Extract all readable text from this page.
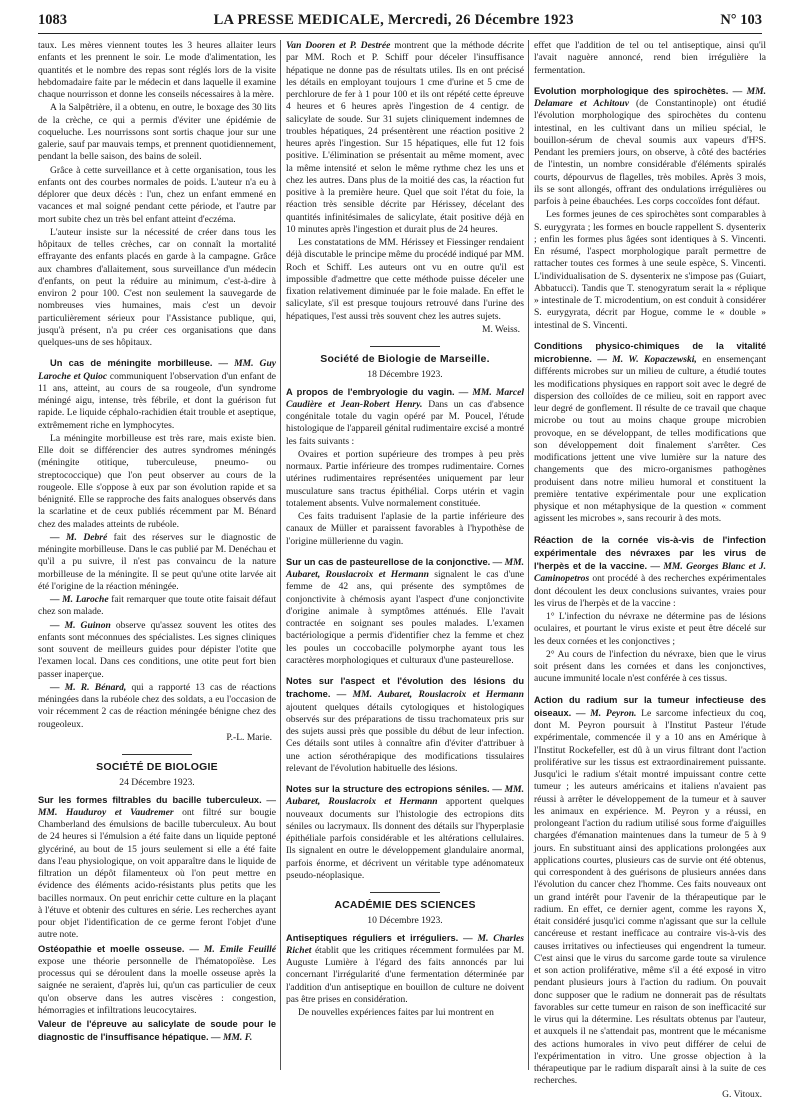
1083	LA PRESSE MEDICALE, Mercredi, 26 Décembre 1923	N° 103

taux. Les mères viennent toutes les 3 heures allaiter leurs enfants et les prennent le soir. Le mode d'alimentation, les quantités et le nombre des repas sont réglés lors de la visite hebdomadaire faite par le médecin et dans laquelle il examine chaque nourrisson et donne les conseils nécessaires à la mère.

A la Salpêtrière, il a obtenu, en outre, le boxage des 30 lits de la crèche, ce qui a permis d'éviter une épidémie de coqueluche. Les nourrissons sont sortis chaque jour sur une galerie, sauf par mauvais temps, et prennent quotidiennement, pendant la belle saison, des bains de soleil.

Grâce à cette surveillance et à cette organisation, tous les enfants ont des courbes normales de poids. L'auteur n'a eu à déplorer que deux décès : l'un, chez un enfant emmené en vacances et mal soigné pendant cette période, et l'autre par mort subite chez un très bel enfant atteint d'eczéma.

L'auteur insiste sur la nécessité de créer dans tous les hôpitaux de telles crèches, car on connaît la mortalité effrayante des enfants placés en garde à la campagne. Grâce aux chambres d'allaitement, sous surveillance d'un médecin d'enfants, on peut la réduire au minimum, c'est-à-dire à environ 2 pour 100. C'est non seulement la sauvegarde de nombreuses vies humaines, mais c'est un devoir particulièrement sérieux pour l'Assistance publique, qui, jusqu'à présent, n'a pu créer ces organisations que dans quelques-uns de ses hôpitaux.

Un cas de méningite morbilleuse. — MM. Guy Laroche et Quioc communiquent l'observation d'un enfant de 11 ans, atteint, au cours de sa rougeole, d'un syndrome méningé aigu, intense, très fébrile, et dont la guérison fut rapide. Le liquide céphalo-rachidien était trouble et aseptique, extrêmement riche en lymphocytes.

La méningite morbilleuse est très rare, mais existe bien. Elle doit se différencier des autres syndromes méningés (méningite otitique, tuberculeuse, pneumo- ou streptococcique) que l'on peut observer au cours de la rougeole. Elle s'oppose à eux par son évolution rapide et sa bénignité. Elle se rapproche des faits analogues observés dans la scarlatine et de ceux publiés récemment par M. Bénard chez des malades atteints de rubéole.

— M. Debré fait des réserves sur le diagnostic de méningite morbilleuse. Dans le cas publié par M. Denéchau et qu'il a pu suivre, il n'est pas convaincu de la nature morbilleuse de la méningite. Il se peut qu'une otite larvée ait été l'origine de la réaction méningée.

— M. Laroche fait remarquer que toute otite faisait défaut chez son malade.

— M. Guinon observe qu'assez souvent les otites des enfants sont méconnues des spécialistes. Les signes cliniques sont souvent de meilleurs guides pour dépister l'otite que l'examen local. Dans ces conditions, une otite peut fort bien passer inaperçue.

— M. R. Bénard, qui a rapporté 13 cas de réactions méningées dans la rubéole chez des soldats, a eu l'occasion de voir récemment 2 cas de réaction méningée bénigne chez des rougeoleux.

P.-L. Marie.

SOCIÉTÉ DE BIOLOGIE
24 Décembre 1923.

Sur les formes filtrables du bacille tuberculeux. — MM. Hauduroy et Vaudremer ont filtré sur bougie Chamberland des émulsions de bacille tuberculeux. Au bout de 24 heures si l'émulsion a été faite dans un liquide peptoné glycériné, au bout de 15 jours seulement si elle a été faite dans l'eau physiologique, on voit apparaître dans le liquide de filtration un dépôt filamenteux où l'on peut mettre en évidence des éléments acido-résistants plus petits que les bacilles normaux. On peut enrichir cette culture en la plaçant à l'étuve et obtenir des cultures en série. Les recherches ayant pour objet l'identification de ce germe feront l'objet d'une autre note.

Ostéopathie et moelle osseuse. — M. Emile Feuillé expose une théorie personnelle de l'hématopoïèse. Les processus qui se déroulent dans la moelle osseuse après la saignée ne seraient, d'après lui, qu'un cas particulier de ceux qu'on observe dans les autres viscères : congestion, hémorragies et infiltrations leucocytaires.

Valeur de l'épreuve au salicylate de soude pour le diagnostic de l'insuffisance hépatique. — MM. F.

Van Dooren et P. Destrée montrent que la méthode décrite par MM. Roch et P. Schiff pour déceler l'insuffisance hépatique ne donne pas de résultats utiles. Ils en ont précisé les détails en employant toujours 1 cme d'urine et 5 cme de perchlorure de fer à 1 pour 100 et ils ont répété cette épreuve 4 heures et 6 heures après l'ingestion de 4 centigr. de salicylate de soude. Sur 31 sujets cliniquement indemnes de troubles hépatiques, 24 présentèrent une réaction positive 2 heures après l'ingestion. Sur 15 hépatiques, elle fut 12 fois positive. L'élimination se présentait au même moment, avec la même intensité et selon le même rythme chez les uns et chez les autres. Dans plus de la moitié des cas, la réaction fut positive à la première heure. Quel que soit l'état du foie, la réaction très sensible décrite par Hérissey, décelant des quantités infinitésimales de salicylate, était positive déjà en 10 minutes après l'ingestion et durait plus de 24 heures.

Les constatations de MM. Hérissey et Fiessinger rendaient déjà discutable le principe même du procédé indiqué par MM. Roch et Schiff. Les auteurs ont vu en outre qu'il est impossible d'admettre que cette méthode puisse déceler une fixation relativement diminuée par le foie malade. En effet le salicylate, s'il est presque toujours retrouvé dans l'urine des hépatiques, l'est aussi très souvent chez les autres sujets.

M. Weiss.

Société de Biologie de Marseille.
18 Décembre 1923.

A propos de l'embryologie du vagin. — MM. Marcel Caudière et Jean-Robert Henry. Dans un cas d'absence congénitale totale du vagin opéré par M. Poucel, l'étude histologique de l'appareil génital rudimentaire excisé a montré les faits suivants :

Ovaires et portion supérieure des trompes à peu près normaux. Partie inférieure des trompes rudimentaire. Cornes utérines rudimentaires représentées uniquement par leur musculature sans tractus épithélial. Corps utérin et vagin totalement absents. Vulve normalement constituée.

Ces faits traduisent l'aplasie de la partie inférieure des canaux de Müller et paraissent favorables à l'hypothèse de l'origine müllerienne du vagin.

Sur un cas de pasteurellose de la conjonctive. — MM. Aubaret, Rouslacroix et Hermann signalent le cas d'une femme de 42 ans, qui présente des symptômes de conjonctivite à chémosis ayant l'aspect d'une conjonctivite d'origine animale à symptômes atténués. Elle l'avait contractée en soignant ses poules malades. L'examen bactériologique a permis d'identifier chez la femme et chez les poules un coccobacille polymorphe ayant tous les caractères morphologiques et culturaux d'une pasteurellose.

Notes sur l'aspect et l'évolution des lésions du trachome. — MM. Aubaret, Rouslacroix et Hermann ajoutent quelques détails cytologiques et histologiques observés sur des préparations de tissu trachomateux pris sur des sujets aussi près que possible du début de leur infection. Ces détails sont utiles à connaître afin d'éviter d'attribuer à une action sérothérapique des modifications tissulaires relevant de l'évolution habituelle des lésions.

Notes sur la structure des ectropions séniles. — MM. Aubaret, Rouslacroix et Hermann apportent quelques nouveaux documents sur l'histologie des ectropions dits séniles ou lacrymaux. Ils donnent des détails sur l'hyperplasie épithéliale parfois considérable et les altérations cellulaires. Ils signalent en outre le développement glandulaire anormal, parfois énorme, et décrivent un véritable type adénomateux pseudo-néoplasique.

ACADÉMIE DES SCIENCES
10 Décembre 1923.

Antiseptiques réguliers et irréguliers. — M. Charles Richet établit que les critiques récemment formulées par M. Auguste Lumière à l'égard des faits annoncés par lui concernant l'irrégularité d'une fermentation déterminée par l'addition d'un antiseptique en bouillon de culture ne doivent pas être prises en considération.

De nouvelles expériences faites par lui montrent en

effet que l'addition de tel ou tel antiseptique, ainsi qu'il l'avait naguère annoncé, rend bien irrégulière la fermentation.

Evolution morphologique des spirochètes. — MM. Delamare et Achitouv (de Constantinople) ont étudié l'évolution morphologique des spirochètes du contenu intestinal, en les cultivant dans un milieu spécial, le bouillon-sérum de cheval soumis aux vapeurs d'H²S. Pendant les premiers jours, on observe, à côté des bactéries de l'intestin, un nombre considérable d'éléments spiralés courts, dépourvus de flagelles, très mobiles. Après 3 mois, ils se sont allongés, offrant des ondulations irrégulières ou parfois à peine ébauchées. Les corps coccoïdes font défaut.

Les formes jeunes de ces spirochètes sont comparables à S. eurygyrata ; les formes en boucle rappellent S. dysenterix ; enfin les formes plus âgées sont identiques à S. Vincenti. En résumé, l'aspect morphologique paraît permettre de rattacher toutes ces formes à une seule espèce, S. Vincenti. L'individualisation de S. dysenterix ne s'impose pas (Guiart, Abbatucci). Tandis que T. stenogyratum serait la « réplique » intestinale de T. microdentium, on est conduit à considérer S. eurygyrata, décrit par Hogue, comme le « double » intestinal de S. Vincenti.

Conditions physico-chimiques de la vitalité microbienne. — M. W. Kopaczewski, en ensemençant différents microbes sur un milieu de culture, a étudié toutes les modifications physiques en rapport soit avec le degré de dispersion des colloïdes de ce milieu, soit en rapport avec leur degré de gonflement. Il résulte de ce travail que chaque microbe ou tout au moins chaque groupe microbien provoque, en se développant, de telles modifications que son développement doit finalement s'arrêter. Ces modifications jettent une vive lumière sur la nature des changements que des micro-organismes pathogènes produisent dans notre milieu humoral et constituent la première tentative expérimentale pour une explication physique et non métaphysique de la question « comment agissent les microbes », sans recourir à des mots.

Réaction de la cornée vis-à-vis de l'infection expérimentale des névraxes par les virus de l'herpès et de la vaccine. — MM. Georges Blanc et J. Caminopetros ont procédé à des recherches expérimentales dont découlent les deux conclusions suivantes, vraies pour les virus de l'herpès et de la vaccine :

1° L'infection du névraxe ne détermine pas de lésions oculaires, et pourtant le virus existe et peut être décelé sur les deux cornées et les conjonctives ;

2° Au cours de l'infection du névraxe, bien que le virus soit présent dans les cornées et dans les conjonctives, aucune immunité locale n'est conférée à ces tissus.

Action du radium sur la tumeur infectieuse des oiseaux. — M. Peyron. Le sarcome infectieux du coq, dont M. Peyron poursuit à l'Institut Pasteur l'étude expérimentale, commencée il y a 10 ans en Amérique à l'Institut Rockefeller, est dû à un virus filtrant dont l'action proliférative sur les tissus est extraordinairement puissante. Jusqu'ici le radium s'était montré impuissant contre cette tumeur ; les auteurs américains et italiens n'avaient pas réussi à arrêter le développement de la tumeur et à sauver les animaux en expérience. M. Peyron y a réussi, en prolongeant l'action du radium utilisé sous forme d'aiguilles chargées d'émanation maintenues dans la tumeur de 5 à 9 jours. En substituant ainsi des applications prolongées aux applications courtes, plusieurs cas de survie ont été obtenus, qui correspondent à des guérisons de plusieurs années dans l'évolution du cancer chez l'homme. Ces faits nouveaux ont un grand intérêt pour l'avenir de la thérapeutique par le radium. En effet, ce dernier agent, comme les rayons X, était considéré jusqu'ici comme n'agissant que sur la cellule cancéreuse et restant inefficace au contraire vis-à-vis des causes irritatives ou infectieuses qui engendrent la tumeur. C'est ainsi que le virus du sarcome garde toute sa virulence et son action proliférative, même s'il a été exposé in vitro pendant plusieurs jours à l'action du radium. On pouvait donc supposer que le radium ne donnerait pas de résultats favorables sur cette tumeur en raison de son inefficacité sur le virus qui la détermine. Les résultats obtenus par l'auteur, et auxquels il ne s'attendait pas, montrent que le mécanisme des actions humorales in vivo peut différer de celui de l'expérimentation in vitro. Une grosse objection à la thérapeutique par le radium disparaît ainsi à la suite de ces recherches.

G. Vitoux.
